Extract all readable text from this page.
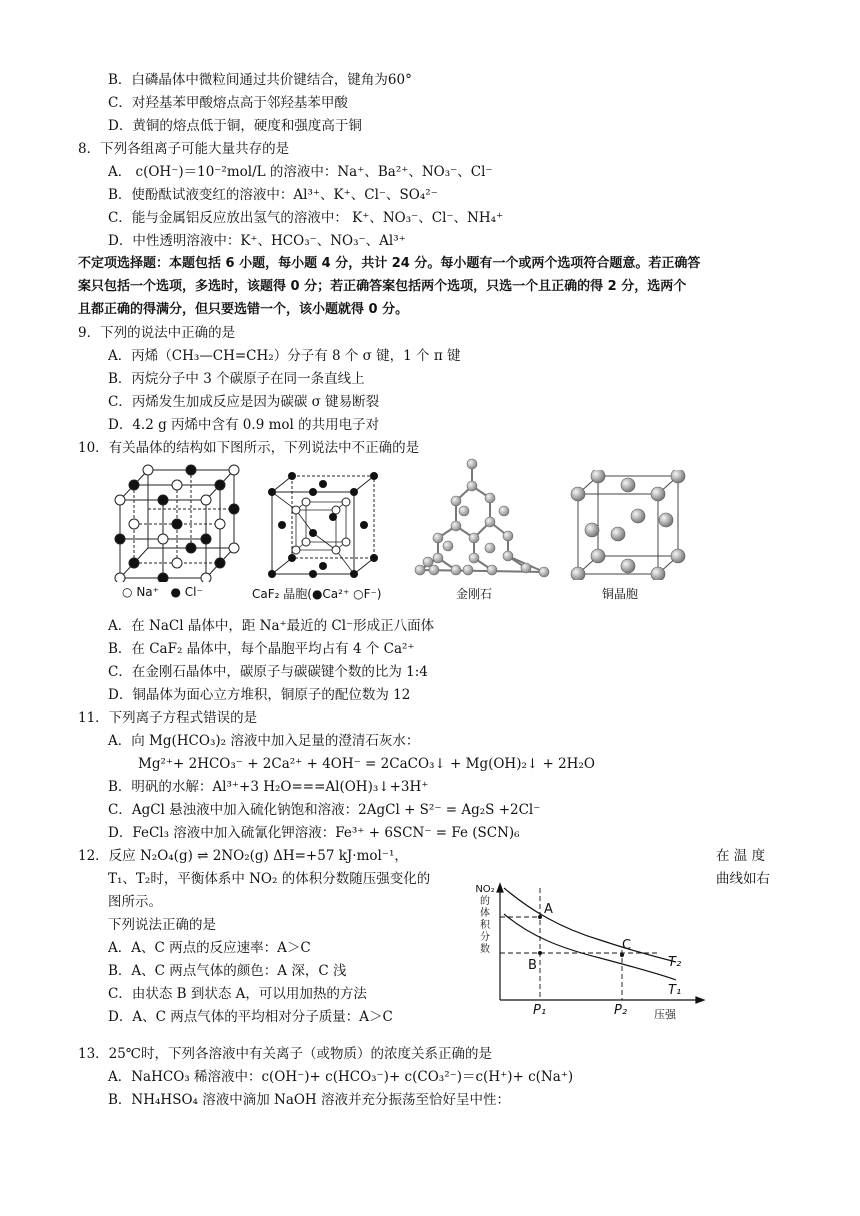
B．白磷晶体中微粒间通过共价键结合，键角为60°
C．对羟基苯甲酸熔点高于邻羟基苯甲酸
D．黄铜的熔点低于铜，硬度和强度高于铜
8．下列各组离子可能大量共存的是
A． c(OH⁻)＝10⁻²mol/L 的溶液中：Na⁺、Ba²⁺、NO₃⁻、Cl⁻
B．使酚酞试液变红的溶液中：Al³⁺、K⁺、Cl⁻、SO₄²⁻
C．能与金属铝反应放出氢气的溶液中： K⁺、NO₃⁻、Cl⁻、NH₄⁺
D．中性透明溶液中：K⁺、HCO₃⁻、NO₃⁻、Al³⁺
不定项选择题：本题包括 6 小题，每小题 4 分，共计 24 分。每小题有一个或两个选项符合题意。若正确答
案只包括一个选项，多选时，该题得 0 分；若正确答案包括两个选项，只选一个且正确的得 2 分，选两个
且都正确的得满分，但只要选错一个，该小题就得 0 分。
9．下列的说法中正确的是
A．丙烯（CH₃—CH=CH₂）分子有 8 个 σ 键，1 个 π 键
B．丙烷分子中 3 个碳原子在同一条直线上
C．丙烯发生加成反应是因为碳碳 σ 键易断裂
D．4.2 g 丙烯中含有 0.9 mol 的共用电子对
10．有关晶体的结构如下图所示，下列说法中不正确的是
○ Na⁺ ● Cl⁻	CaF₂ 晶胞(●Ca²⁺ ○F⁻)	金刚石	铜晶胞
A．在 NaCl 晶体中，距 Na⁺最近的 Cl⁻形成正八面体
B．在 CaF₂ 晶体中，每个晶胞平均占有 4 个 Ca²⁺
C．在金刚石晶体中，碳原子与碳碳键个数的比为 1:4
D．铜晶体为面心立方堆积，铜原子的配位数为 12
11．下列离子方程式错误的是
A．向 Mg(HCO₃)₂ 溶液中加入足量的澄清石灰水：
Mg²⁺+ 2HCO₃⁻ + 2Ca²⁺ + 4OH⁻ = 2CaCO₃↓ + Mg(OH)₂↓ + 2H₂O
B．明矾的水解：Al³⁺+3 H₂O===Al(OH)₃↓+3H⁺
C．AgCl 悬浊液中加入硫化钠饱和溶液：2AgCl + S²⁻ = Ag₂S +2Cl⁻
D．FeCl₃ 溶液中加入硫氰化钾溶液：Fe³⁺ + 6SCN⁻ = Fe (SCN)₆
12．反应 N₂O₄(g) ⇌ 2NO₂(g) ΔH=+57 kJ·mol⁻¹，	在 温 度
T₁、T₂时，平衡体系中 NO₂ 的体积分数随压强变化的	曲线如右
图所示。
下列说法正确的是
A．A、C 两点的反应速率：A＞C
B．A、C 两点气体的颜色：A 深，C 浅
C．由状态 B 到状态 A，可以用加热的方法
D．A、C 两点气体的平均相对分子质量：A＞C
NO₂
的
体
积
分
数
A
B
C
T₂
T₁
P₁	P₂ 压强
13．25℃时，下列各溶液中有关离子（或物质）的浓度关系正确的是
A．NaHCO₃ 稀溶液中：c(OH⁻)+ c(HCO₃⁻)+ c(CO₃²⁻)＝c(H⁺)+ c(Na⁺)
B．NH₄HSO₄ 溶液中滴加 NaOH 溶液并充分振荡至恰好呈中性：
